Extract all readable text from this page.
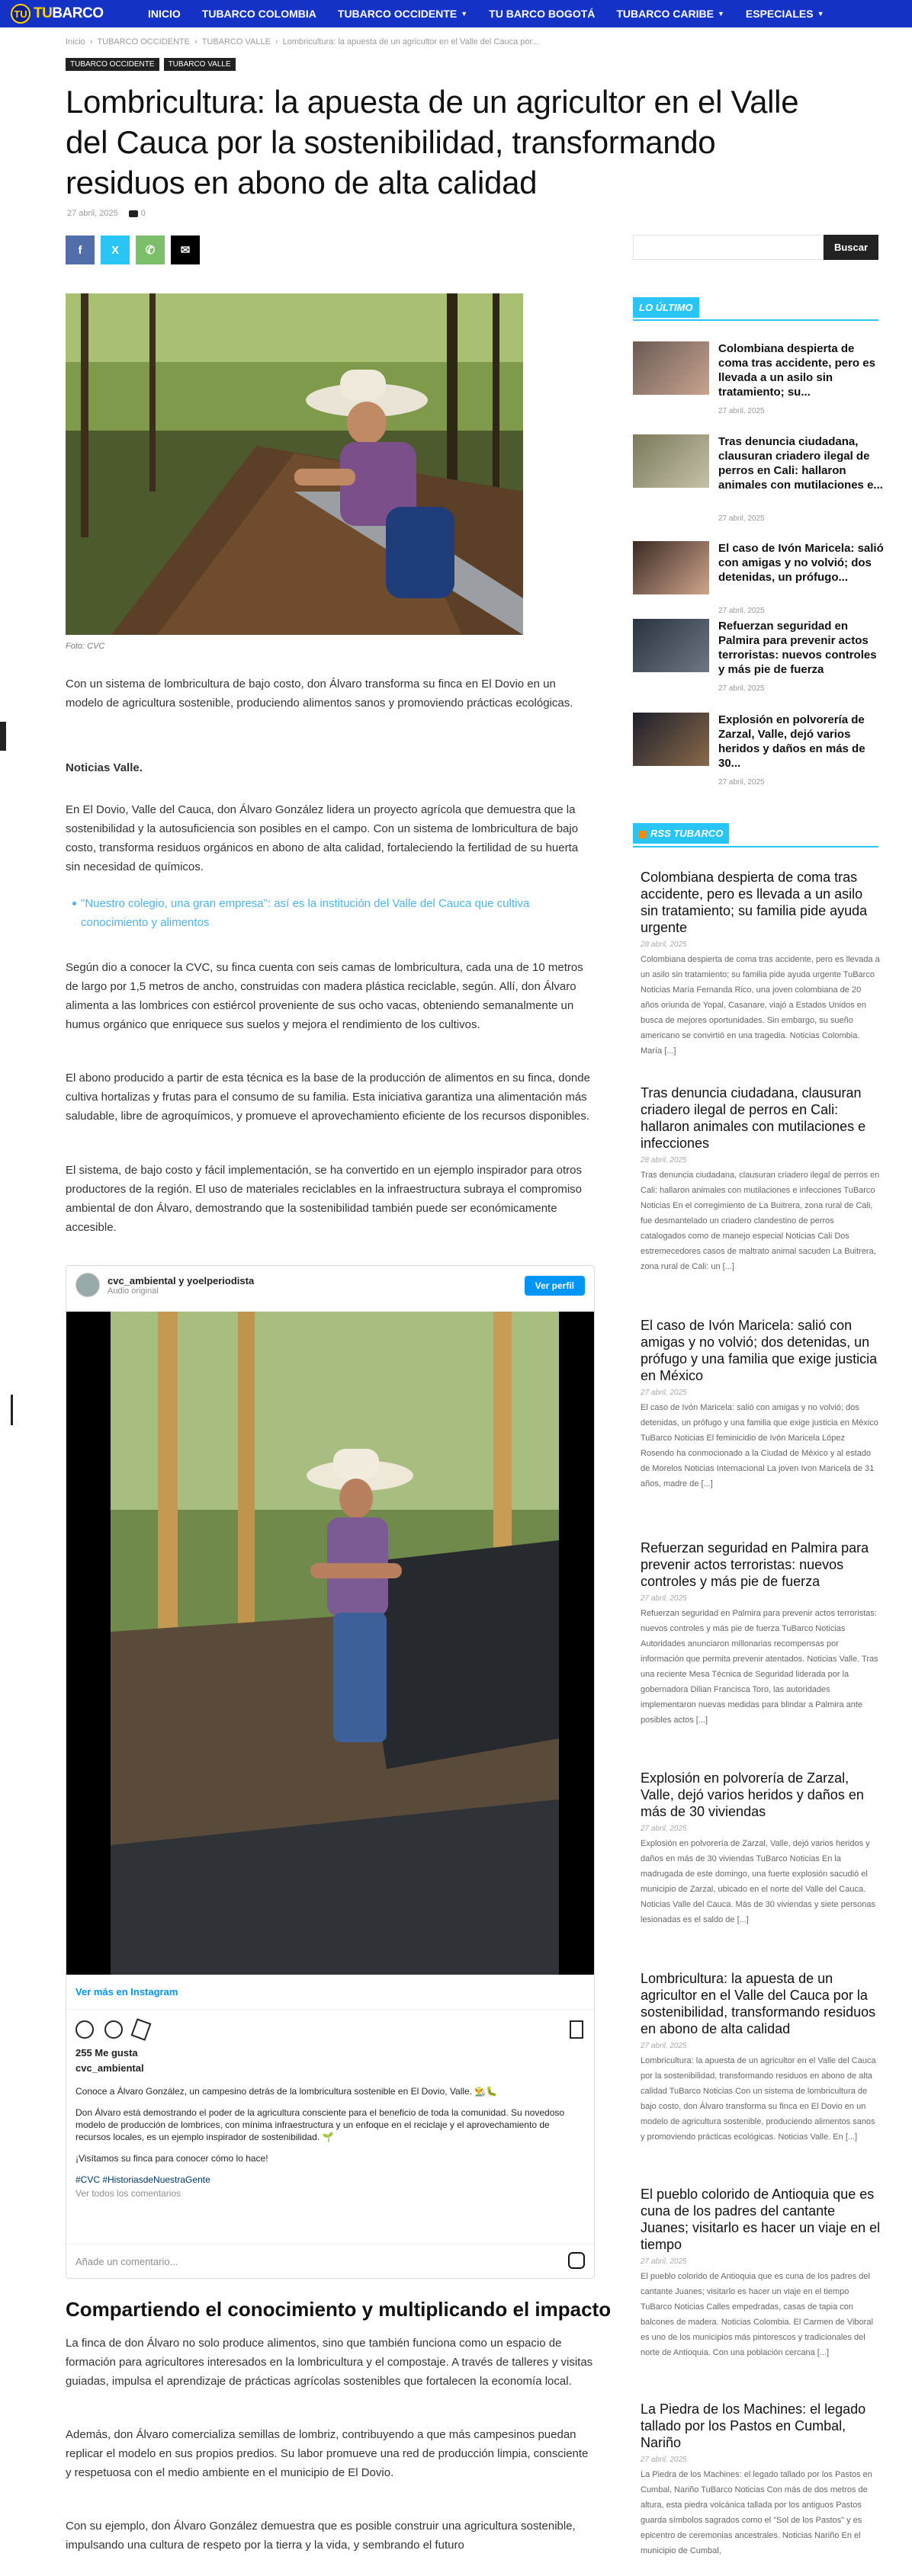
TU TU BARCO	INICIO TUBARCO COLOMBIA TUBARCO OCCIDENTE ▼ TU BARCO BOGOTÁ TUBARCO CARIBE ▼ ESPECIALES ▼
Inicio › TUBARCO OCCIDENTE › TUBARCO VALLE › Lombricultura: la apuesta de un agricultor en el Valle del Cauca por...
TUBARCO OCCIDENTE	TUBARCO VALLE
Lombricultura: la apuesta de un agricultor en el Valle del Cauca por la sostenibilidad, transformando residuos en abono de alta calidad
27 abril, 2025	0
f	X ✆ ✉	Buscar
Foto: CVC

Con un sistema de lombricultura de bajo costo, don Álvaro transforma su finca en El Dovio en un modelo de agricultura sostenible, produciendo alimentos sanos y promoviendo prácticas ecológicas.

Noticias Valle.

En El Dovio, Valle del Cauca, don Álvaro González lidera un proyecto agrícola que demuestra que la sostenibilidad y la autosuficiencia son posibles en el campo. Con un sistema de lombricultura de bajo costo, transforma residuos orgánicos en abono de alta calidad, fortaleciendo la fertilidad de su huerta sin necesidad de químicos.

"Nuestro colegio, una gran empresa": así es la institución del Valle del Cauca que cultiva conocimiento y alimentos

Según dio a conocer la CVC, su finca cuenta con seis camas de lombricultura, cada una de 10 metros de largo por 1,5 metros de ancho, construidas con madera plástica reciclable, según. Allí, don Álvaro alimenta a las lombrices con estiércol proveniente de sus ocho vacas, obteniendo semanalmente un humus orgánico que enriquece sus suelos y mejora el rendimiento de los cultivos.

El abono producido a partir de esta técnica es la base de la producción de alimentos en su finca, donde cultiva hortalizas y frutas para el consumo de su familia. Esta iniciativa garantiza una alimentación más saludable, libre de agroquímicos, y promueve el aprovechamiento eficiente de los recursos disponibles.

El sistema, de bajo costo y fácil implementación, se ha convertido en un ejemplo inspirador para otros productores de la región. El uso de materiales reciclables en la infraestructura subraya el compromiso ambiental de don Álvaro, demostrando que la sostenibilidad también puede ser económicamente accesible.

cvc_ambiental y yoelperiodista
Audio original	Ver perfil
Ver más en Instagram
255 Me gusta
cvc_ambiental
Conoce a Álvaro González, un campesino detrás de la lombricultura sostenible en El Dovio, Valle. 👨‍🌾🐛
Don Álvaro está demostrando el poder de la agricultura consciente para el beneficio de toda la comunidad. Su novedoso modelo de producción de lombrices, con mínima infraestructura y un enfoque en el reciclaje y el aprovechamiento de recursos locales, es un ejemplo inspirador de sostenibilidad. 🌱
¡Visítamos su finca para conocer cómo lo hace!
#CVC #HistoriasdeNuestraGente
Ver todos los comentarios
Añade un comentario...
Compartiendo el conocimiento y multiplicando el impacto

La finca de don Álvaro no solo produce alimentos, sino que también funciona como un espacio de formación para agricultores interesados en la lombricultura y el compostaje. A través de talleres y visitas guiadas, impulsa el aprendizaje de prácticas agrícolas sostenibles que fortalecen la economía local.

Además, don Álvaro comercializa semillas de lombriz, contribuyendo a que más campesinos puedan replicar el modelo en sus propios predios. Su labor promueve una red de producción limpia, consciente y respetuosa con el medio ambiente en el municipio de El Dovio.

Con su ejemplo, don Álvaro González demuestra que es posible construir una agricultura sostenible, impulsando una cultura de respeto por la tierra y la vida, y sembrando el futuro

LO ÚLTIMO
Colombiana despierta de coma tras accidente, pero es llevada a un asilo sin tratamiento; su...
27 abril, 2025
Tras denuncia ciudadana, clausuran criadero ilegal de perros en Cali: hallaron animales con mutilaciones e...
27 abril, 2025
El caso de Ivón Maricela: salió con amigas y no volvió; dos detenidas, un prófugo...
27 abril, 2025
Refuerzan seguridad en Palmira para prevenir actos terroristas: nuevos controles y más pie de fuerza
27 abril, 2025
Explosión en polvorería de Zarzal, Valle, dejó varios heridos y daños en más de 30...
27 abril, 2025
RSS TUBARCO
Colombiana despierta de coma tras accidente, pero es llevada a un asilo sin tratamiento; su familia pide ayuda urgente
28 abril, 2025
Colombiana despierta de coma tras accidente, pero es llevada a un asilo sin tratamiento; su familia pide ayuda urgente TuBarco Noticias María Fernanda Rico, una joven colombiana de 20 años oriunda de Yopal, Casanare, viajó a Estados Unidos en busca de mejores oportunidades. Sin embargo, su sueño americano se convirtió en una tragedia. Noticias Colombia. María [...]
Tras denuncia ciudadana, clausuran criadero ilegal de perros en Cali: hallaron animales con mutilaciones e infecciones
28 abril, 2025
Tras denuncia ciudadana, clausuran criadero ilegal de perros en Cali: hallaron animales con mutilaciones e infecciones TuBarco Noticias En el corregimiento de La Buitrera, zona rural de Cali, fue desmantelado un criadero clandestino de perros catalogados como de manejo especial Noticias Cali Dos estremecedores casos de maltrato animal sacuden La Buitrera, zona rural de Cali: un [...]
El caso de Ivón Maricela: salió con amigas y no volvió; dos detenidas, un prófugo y una familia que exige justicia en México
27 abril, 2025
El caso de Ivón Maricela: salió con amigas y no volvió; dos detenidas, un prófugo y una familia que exige justicia en México TuBarco Noticias El feminicidio de Ivón Maricela López Rosendo ha conmocionado a la Ciudad de México y al estado de Morelos Noticias Internacional La joven Ivon Maricela de 31 años, madre de [...]
Refuerzan seguridad en Palmira para prevenir actos terroristas: nuevos controles y más pie de fuerza
27 abril, 2025
Refuerzan seguridad en Palmira para prevenir actos terroristas: nuevos controles y más pie de fuerza TuBarco Noticias Autoridades anunciaron millonarias recompensas por información que permita prevenir atentados. Noticias Valle. Tras una reciente Mesa Técnica de Seguridad liderada por la gobernadora Dilian Francisca Toro, las autoridades implementaron nuevas medidas para blindar a Palmira ante posibles actos [...]
Explosión en polvorería de Zarzal, Valle, dejó varios heridos y daños en más de 30 viviendas
27 abril, 2025
Explosión en polvorería de Zarzal, Valle, dejó varios heridos y daños en más de 30 viviendas TuBarco Noticias En la madrugada de este domingo, una fuerte explosión sacudió el municipio de Zarzal, ubicado en el norte del Valle del Cauca. Noticias Valle del Cauca. Más de 30 viviendas y siete personas lesionadas es el saldo de [...]
Lombricultura: la apuesta de un agricultor en el Valle del Cauca por la sostenibilidad, transformando residuos en abono de alta calidad
27 abril, 2025
Lombricultura: la apuesta de un agricultor en el Valle del Cauca por la sostenibilidad, transformando residuos en abono de alta calidad TuBarco Noticias Con un sistema de lombricultura de bajo costo, don Álvaro transforma su finca en El Dovio en un modelo de agricultura sostenible, produciendo alimentos sanos y promoviendo prácticas ecológicas. Noticias Valle. En [...]
El pueblo colorido de Antioquia que es cuna de los padres del cantante Juanes; visitarlo es hacer un viaje en el tiempo
27 abril, 2025
El pueblo colorido de Antioquia que es cuna de los padres del cantante Juanes; visitarlo es hacer un viaje en el tiempo TuBarco Noticias Calles empedradas, casas de tapia con balcones de madera. Noticias Colombia. El Carmen de Viboral es uno de los municipios más pintorescos y tradicionales del norte de Antioquia. Con una población cercana [...]
La Piedra de los Machines: el legado tallado por los Pastos en Cumbal, Nariño
27 abril, 2025
La Piedra de los Machines: el legado tallado por los Pastos en Cumbal, Nariño TuBarco Noticias Con más de dos metros de altura, esta piedra volcánica tallada por los antiguos Pastos guarda símbolos sagrados como el "Sol de los Pastos" y es epicentro de ceremonias ancestrales. Noticias Nariño En el municipio de Cumbal,
